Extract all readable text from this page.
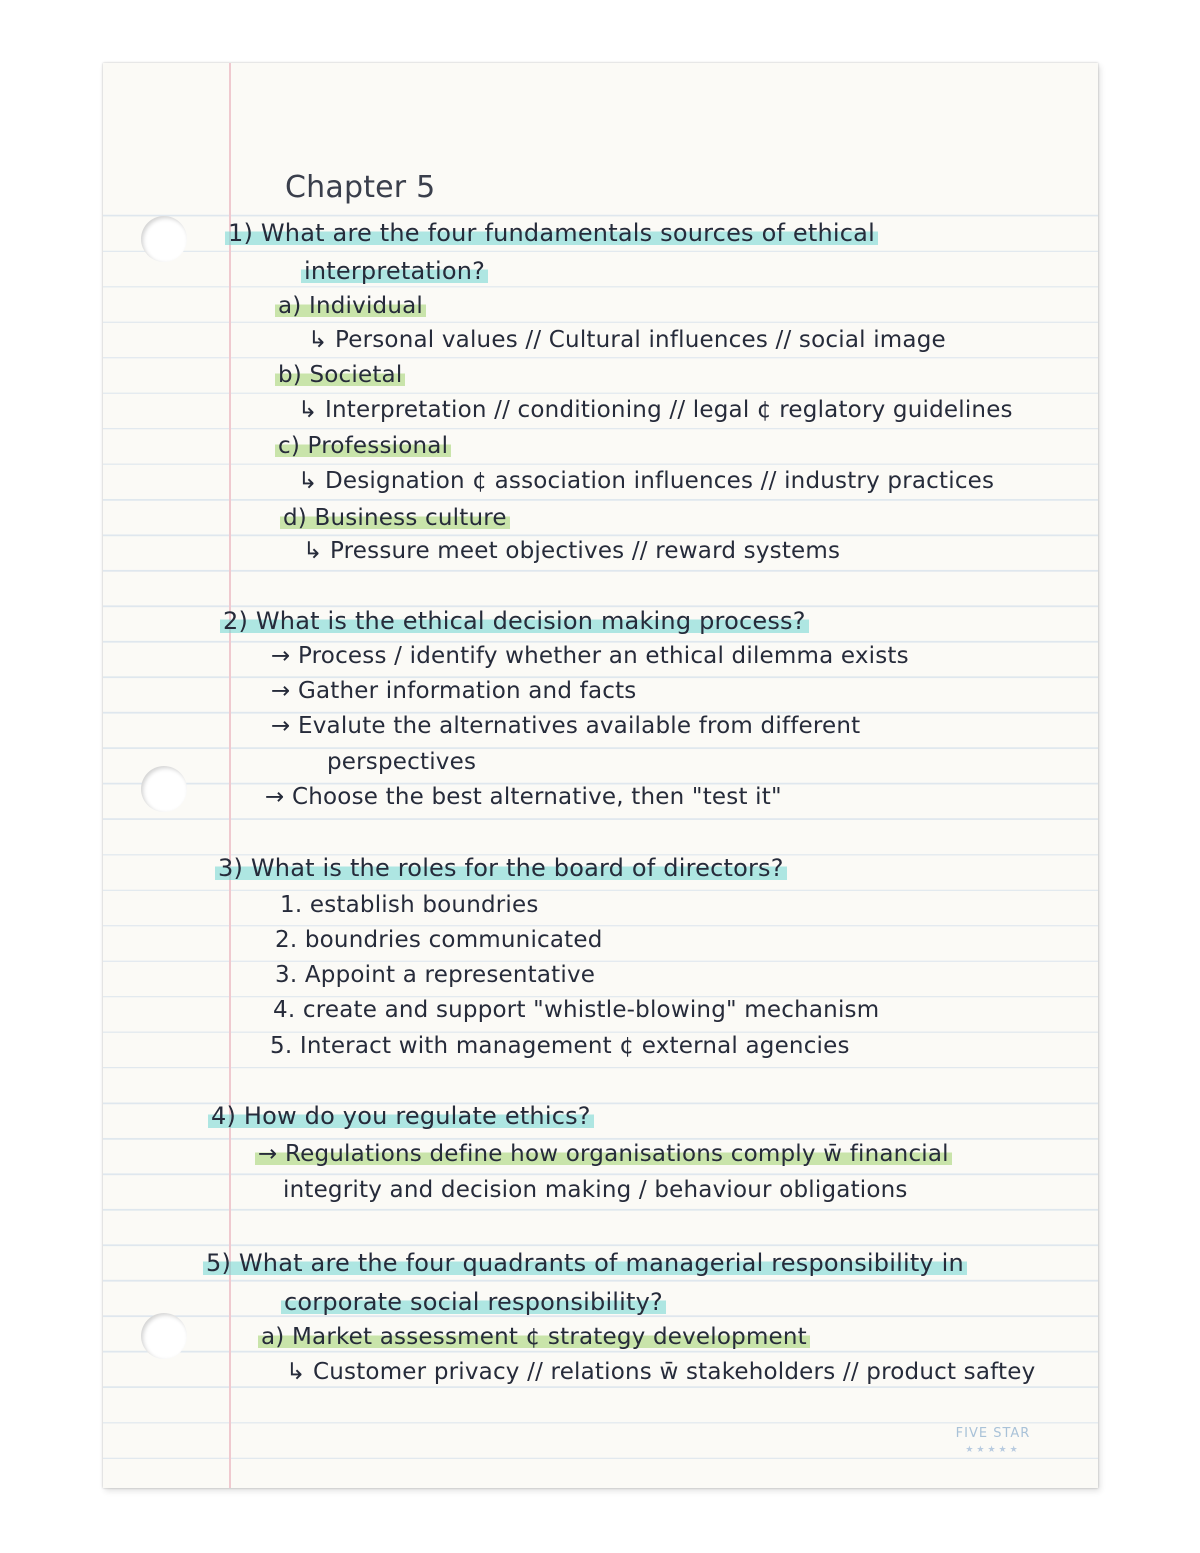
Chapter 5
1) What are the four fundamentals sources of ethical
interpretation?
a) Individual
↳ Personal values // Cultural influences // social image
b) Societal
↳ Interpretation // conditioning // legal ¢ reglatory guidelines
c) Professional
↳ Designation ¢ association influences // industry practices
d) Business culture
↳ Pressure meet objectives // reward systems
2) What is the ethical decision making process?
→ Process / identify whether an ethical dilemma exists
→ Gather information and facts
→ Evalute the alternatives available from different
perspectives
→ Choose the best alternative, then "test it"
3) What is the roles for the board of directors?
1. establish boundries
2. boundries communicated
3. Appoint a representative
4. create and support "whistle-blowing" mechanism
5. Interact with management ¢ external agencies
4) How do you regulate ethics?
→ Regulations define how organisations comply w̄ financial
integrity and decision making / behaviour obligations
5) What are the four quadrants of managerial responsibility in
corporate social responsibility?
a) Market assessment ¢ strategy development
↳ Customer privacy // relations w̄ stakeholders // product saftey
FIVE STAR
★★★★★
